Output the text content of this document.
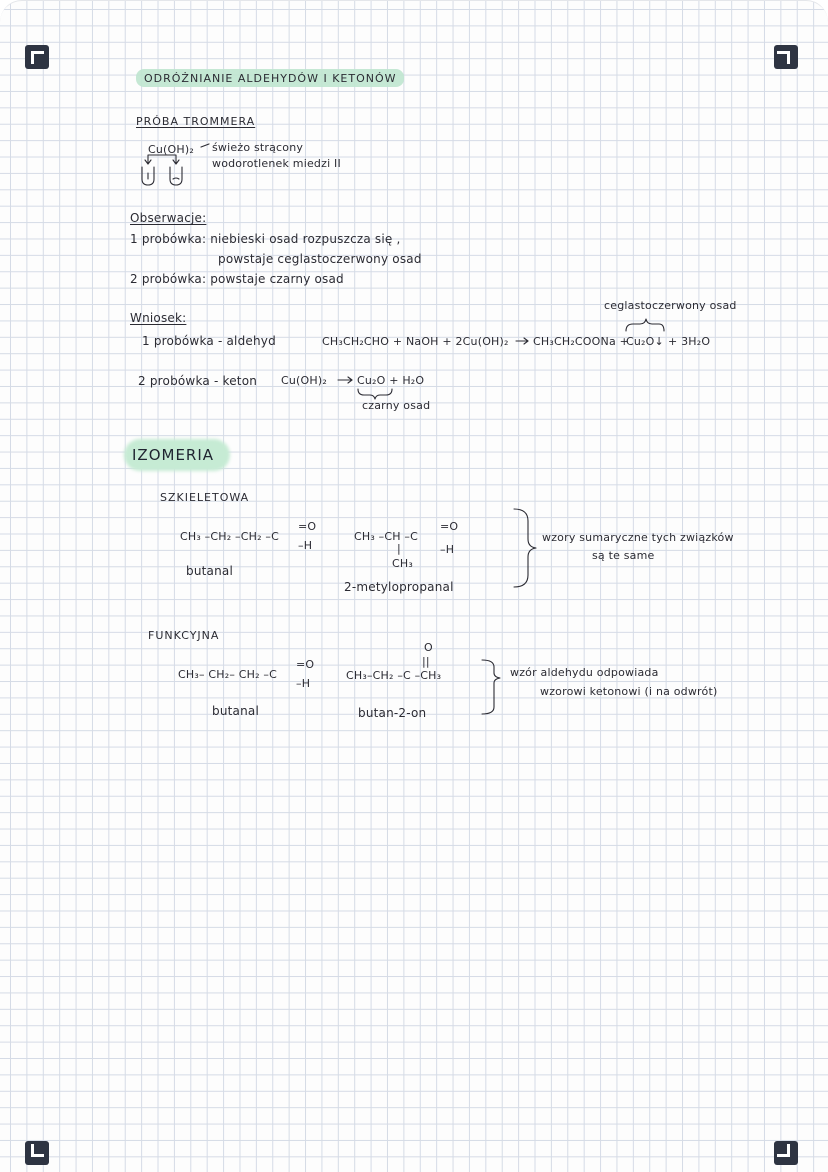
ODRÓŻNIANIE ALDEHYDÓW I KETONÓW
PRÓBA TROMMERA
Cu(OH)₂ świeżo strącony
wodorotlenek miedzi II
Obserwacje:
1 probówka: niebieski osad rozpuszcza się ,
powstaje ceglastoczerwony osad
2 probówka: powstaje czarny osad
Wniosek:
ceglastoczerwony osad
1 probówka - aldehyd	CH₃CH₂CHO + NaOH + 2Cu(OH)₂ CH₃CH₂COONa +
Cu₂O↓ + 3H₂O
2 probówka - keton Cu(OH)₂	Cu₂O + H₂O
czarny osad
IZOMERIA
SZKIELETOWA
CH₃ –CH₂ –CH₂ –C
=O
–H
butanal
CH₃ –CH –C
=O
–H
|
CH₃
2-metylopropanal
wzory sumaryczne tych związków
są te same
FUNKCYJNA
CH₃– CH₂– CH₂ –C
=O
–H
butanal
CH₃–CH₂ –C –CH₃
O
||
butan-2-on
wzór aldehydu odpowiada
wzorowi ketonowi (i na odwrót)
